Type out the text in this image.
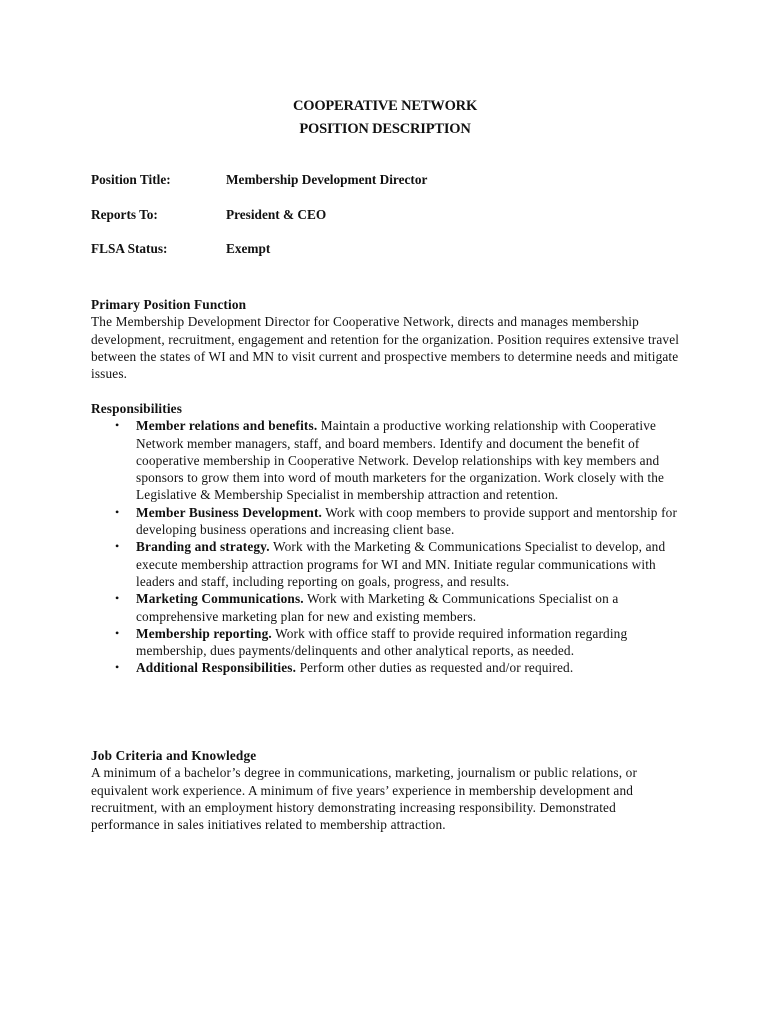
COOPERATIVE NETWORK
POSITION DESCRIPTION
Position Title:	Membership Development Director
Reports To:	President & CEO
FLSA Status:	Exempt
Primary Position Function

The Membership Development Director for Cooperative Network, directs and manages membership development, recruitment, engagement and retention for the organization. Position requires extensive travel between the states of WI and MN to visit current and prospective members to determine needs and mitigate issues.

Responsibilities
• Member relations and benefits. Maintain a productive working relationship with Cooperative Network member managers, staff, and board members. Identify and document the benefit of cooperative membership in Cooperative Network. Develop relationships with key members and sponsors to grow them into word of mouth marketers for the organization. Work closely with the Legislative & Membership Specialist in membership attraction and retention.
• Member Business Development. Work with coop members to provide support and mentorship for developing business operations and increasing client base.
• Branding and strategy. Work with the Marketing & Communications Specialist to develop, and execute membership attraction programs for WI and MN. Initiate regular communications with leaders and staff, including reporting on goals, progress, and results.
• Marketing Communications. Work with Marketing & Communications Specialist on a comprehensive marketing plan for new and existing members.
• Membership reporting. Work with office staff to provide required information regarding membership, dues payments/delinquents and other analytical reports, as needed.
• Additional Responsibilities. Perform other duties as requested and/or required.
Job Criteria and Knowledge

A minimum of a bachelor’s degree in communications, marketing, journalism or public relations, or equivalent work experience. A minimum of five years’ experience in membership development and recruitment, with an employment history demonstrating increasing responsibility. Demonstrated performance in sales initiatives related to membership attraction.
